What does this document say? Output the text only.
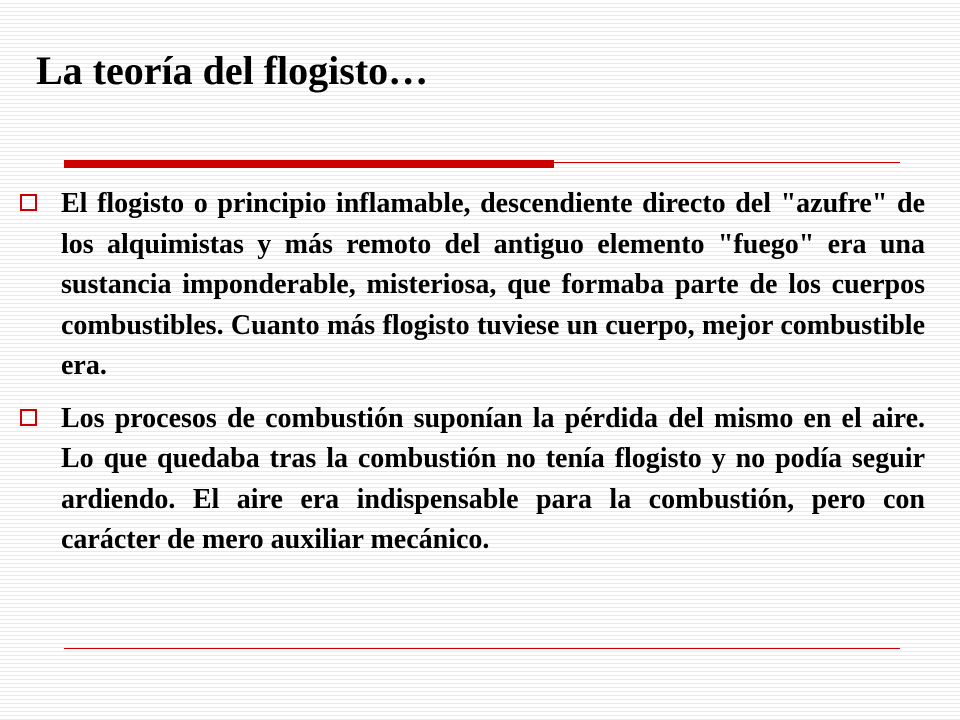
La teoría del flogisto…
El flogisto o principio inflamable, descendiente directo del "azufre" de los alquimistas y más remoto del antiguo elemento "fuego" era una sustancia imponderable, misteriosa, que formaba parte de los cuerpos combustibles. Cuanto más flogisto tuviese un cuerpo, mejor combustible era.
Los procesos de combustión suponían la pérdida del mismo en el aire. Lo que quedaba tras la combustión no tenía flogisto y no podía seguir ardiendo. El aire era indispensable para la combustión, pero con carácter de mero auxiliar mecánico.
